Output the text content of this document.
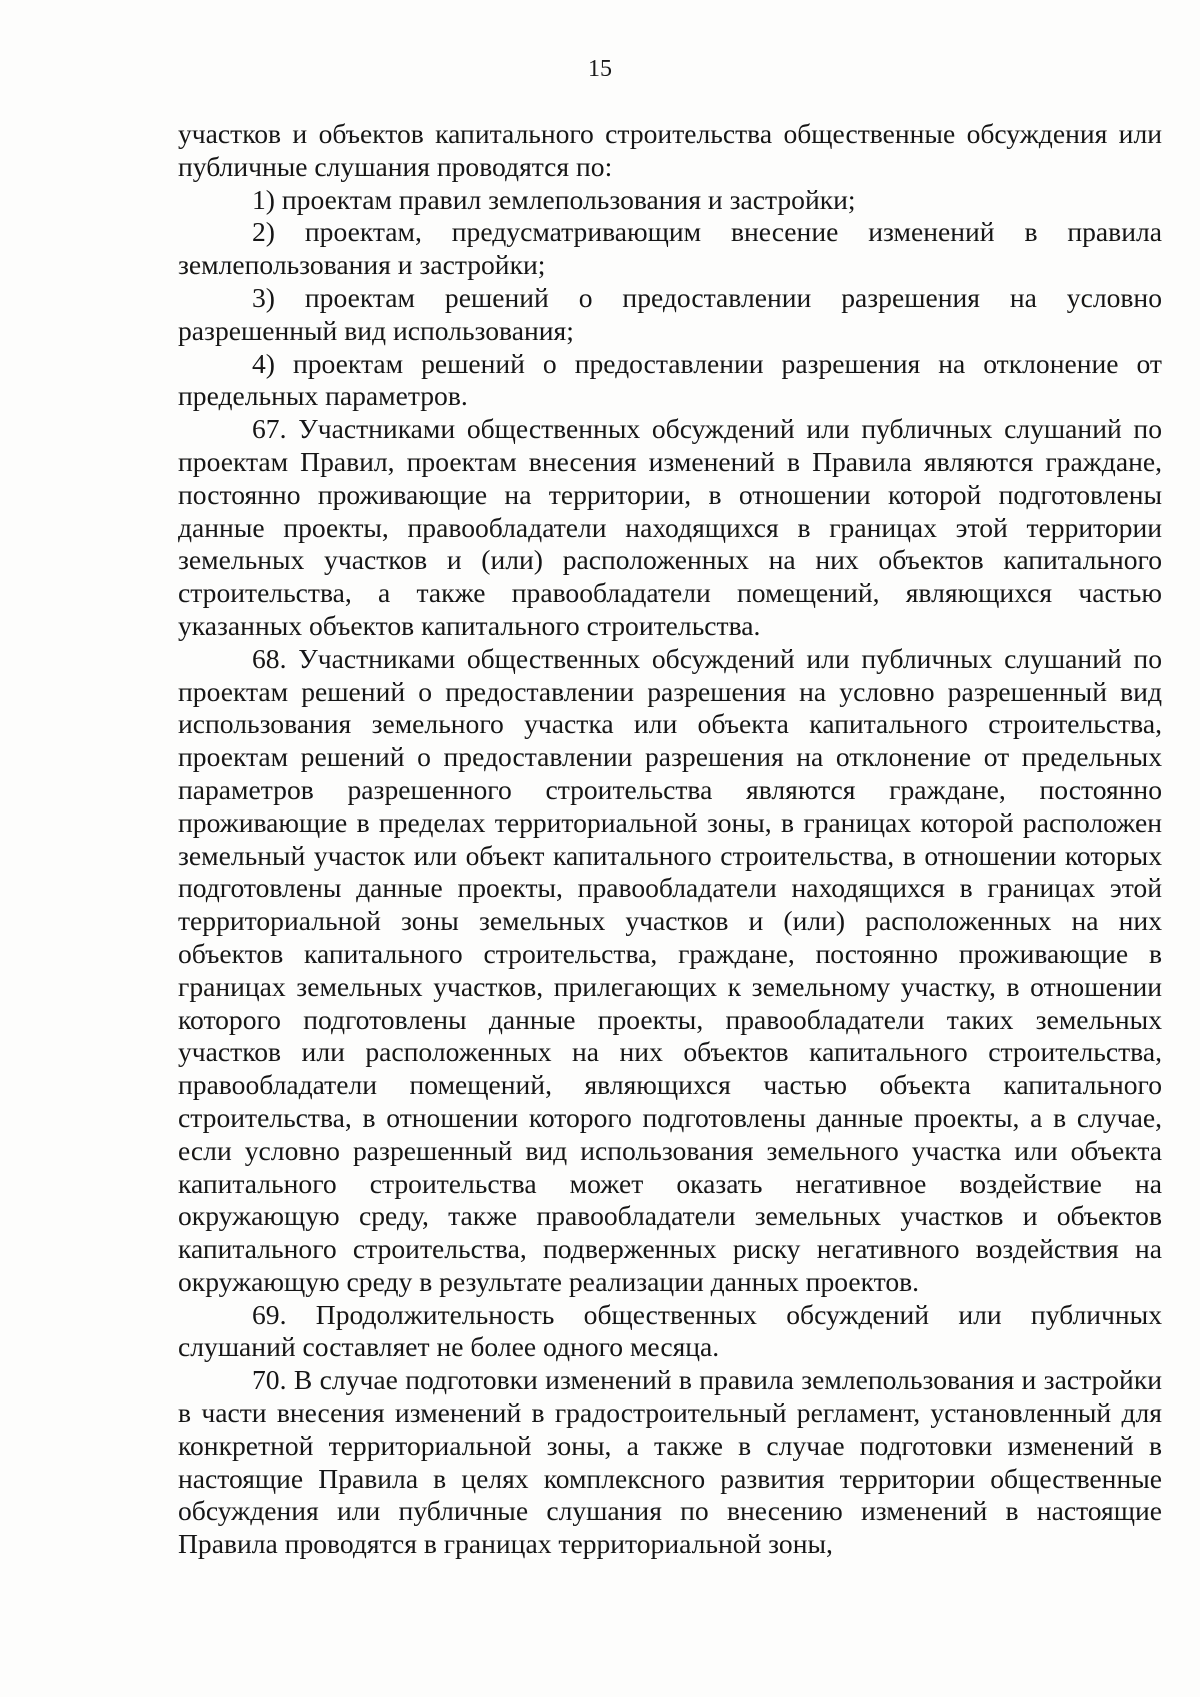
15

участков и объектов капитального строительства общественные обсуждения или публичные слушания проводятся по:

1) проектам правил землепользования и застройки;

2) проектам, предусматривающим внесение изменений в правила землепользования и застройки;

3) проектам решений о предоставлении разрешения на условно разрешенный вид использования;

4) проектам решений о предоставлении разрешения на отклонение от предельных параметров.

67. Участниками общественных обсуждений или публичных слушаний по проектам Правил, проектам внесения изменений в Правила являются граждане, постоянно проживающие на территории, в отношении которой подготовлены данные проекты, правообладатели находящихся в границах этой территории земельных участков и (или) расположенных на них объектов капитального строительства, а также правообладатели помещений, являющихся частью указанных объектов капитального строительства.

68. Участниками общественных обсуждений или публичных слушаний по проектам решений о предоставлении разрешения на условно разрешенный вид использования земельного участка или объекта капитального строительства, проектам решений о предоставлении разрешения на отклонение от предельных параметров разрешенного строительства являются граждане, постоянно проживающие в пределах территориальной зоны, в границах которой расположен земельный участок или объект капитального строительства, в отношении которых подготовлены данные проекты, правообладатели находящихся в границах этой территориальной зоны земельных участков и (или) расположенных на них объектов капитального строительства, граждане, постоянно проживающие в границах земельных участков, прилегающих к земельному участку, в отношении которого подготовлены данные проекты, правообладатели таких земельных участков или расположенных на них объектов капитального строительства, правообладатели помещений, являющихся частью объекта капитального строительства, в отношении которого подготовлены данные проекты, а в случае, если условно разрешенный вид использования земельного участка или объекта капитального строительства может оказать негативное воздействие на окружающую среду, также правообладатели земельных участков и объектов капитального строительства, подверженных риску негативного воздействия на окружающую среду в результате реализации данных проектов.

69. Продолжительность общественных обсуждений или публичных слушаний составляет не более одного месяца.

70. В случае подготовки изменений в правила землепользования и застройки в части внесения изменений в градостроительный регламент, установленный для конкретной территориальной зоны, а также в случае подготовки изменений в настоящие Правила в целях комплексного развития территории общественные обсуждения или публичные слушания по внесению изменений в настоящие Правила проводятся в границах территориальной зоны,
